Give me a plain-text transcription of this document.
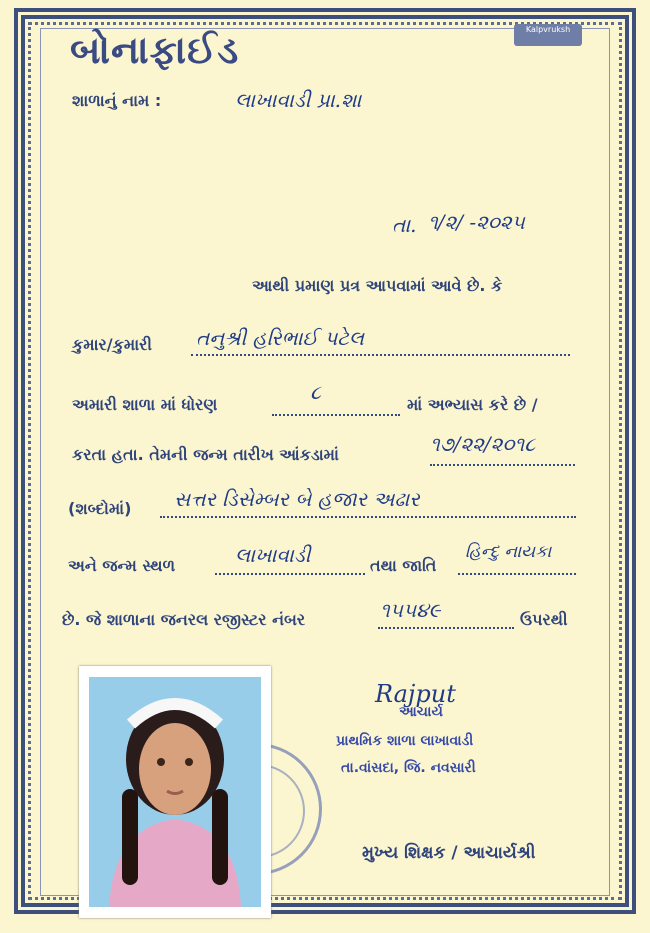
બોનાફાઈડ	Kalpvruksh
શાળાનું નામ :	લાખાવાડી પ્રા.શા
તા. ૧/૨/ -૨૦૨૫
આથી પ્રમાણ પ્રત્ર આપવામાં આવે છે. કે
કુમાર/કુમારી તનુશ્રી હરિભાઈ પટેલ
અમારી શાળા માં ધોરણ
૮
માં અભ્યાસ કરે છે /
કરતા હતા. તેમની જન્મ તારીખ આંકડામાં	૧૭/૨૨/૨૦૧૮
(શબ્દોમાં) સત્તર ડિસેમ્બર બે હજાર અઢાર
અને જન્મ સ્થળ	લાખાવાડી	તથા જાતિ
હિન્દુ નાયકા
છે. જે શાળાના જનરલ રજીસ્ટર નંબર	૧૫૫૪૯	ઉપરથી
Rajput
આચાર્ય
પ્રાથમિક શાળા લાખાવાડી
તા.વાંસદા, જિ. નવસારી
મુખ્ય શિક્ષક / આચાર્યશ્રી
